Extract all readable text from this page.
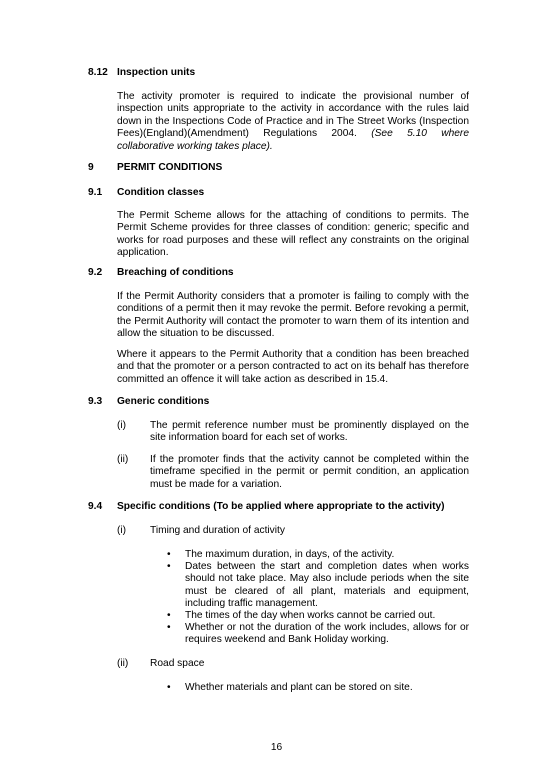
8.12 Inspection units
The activity promoter is required to indicate the provisional number of inspection units appropriate to the activity in accordance with the rules laid down in the Inspections Code of Practice and in The Street Works (Inspection Fees)(England)(Amendment) Regulations 2004. (See 5.10 where collaborative working takes place).
9 PERMIT CONDITIONS
9.1 Condition classes
The Permit Scheme allows for the attaching of conditions to permits. The Permit Scheme provides for three classes of condition: generic; specific and works for road purposes and these will reflect any constraints on the original application.
9.2 Breaching of conditions
If the Permit Authority considers that a promoter is failing to comply with the conditions of a permit then it may revoke the permit. Before revoking a permit, the Permit Authority will contact the promoter to warn them of its intention and allow the situation to be discussed.
Where it appears to the Permit Authority that a condition has been breached and that the promoter or a person contracted to act on its behalf has therefore committed an offence it will take action as described in 15.4.
9.3 Generic conditions
(i) The permit reference number must be prominently displayed on the site information board for each set of works.
(ii) If the promoter finds that the activity cannot be completed within the timeframe specified in the permit or permit condition, an application must be made for a variation.
9.4 Specific conditions (To be applied where appropriate to the activity)
(i) Timing and duration of activity
• The maximum duration, in days, of the activity.
• Dates between the start and completion dates when works should not take place. May also include periods when the site must be cleared of all plant, materials and equipment, including traffic management.
• The times of the day when works cannot be carried out.
• Whether or not the duration of the work includes, allows for or requires weekend and Bank Holiday working.
(ii) Road space
• Whether materials and plant can be stored on site.
16
